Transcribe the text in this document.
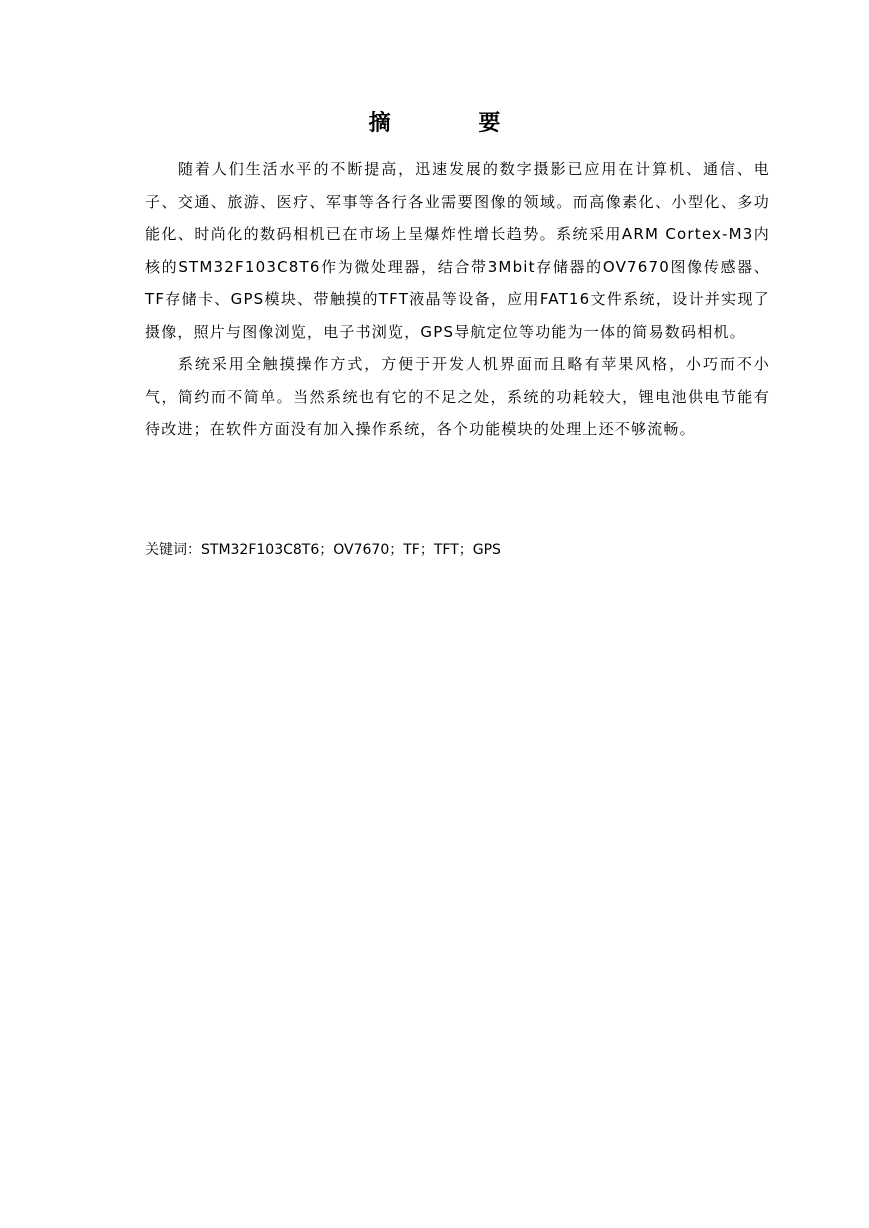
摘 要

随着人们生活水平的不断提高，迅速发展的数字摄影已应用在计算机、通信、电子、交通、旅游、医疗、军事等各行各业需要图像的领域。而高像素化、小型化、多功能化、时尚化的数码相机已在市场上呈爆炸性增长趋势。系统采用ARM Cortex-M3内核的STM32F103C8T6作为微处理器，结合带3Mbit存储器的OV7670图像传感器、TF存储卡、GPS模块、带触摸的TFT液晶等设备，应用FAT16文件系统，设计并实现了摄像，照片与图像浏览，电子书浏览，GPS导航定位等功能为一体的简易数码相机。

系统采用全触摸操作方式，方便于开发人机界面而且略有苹果风格，小巧而不小气，简约而不简单。当然系统也有它的不足之处，系统的功耗较大，锂电池供电节能有待改进；在软件方面没有加入操作系统，各个功能模块的处理上还不够流畅。

关键词：STM32F103C8T6；OV7670；TF；TFT；GPS
